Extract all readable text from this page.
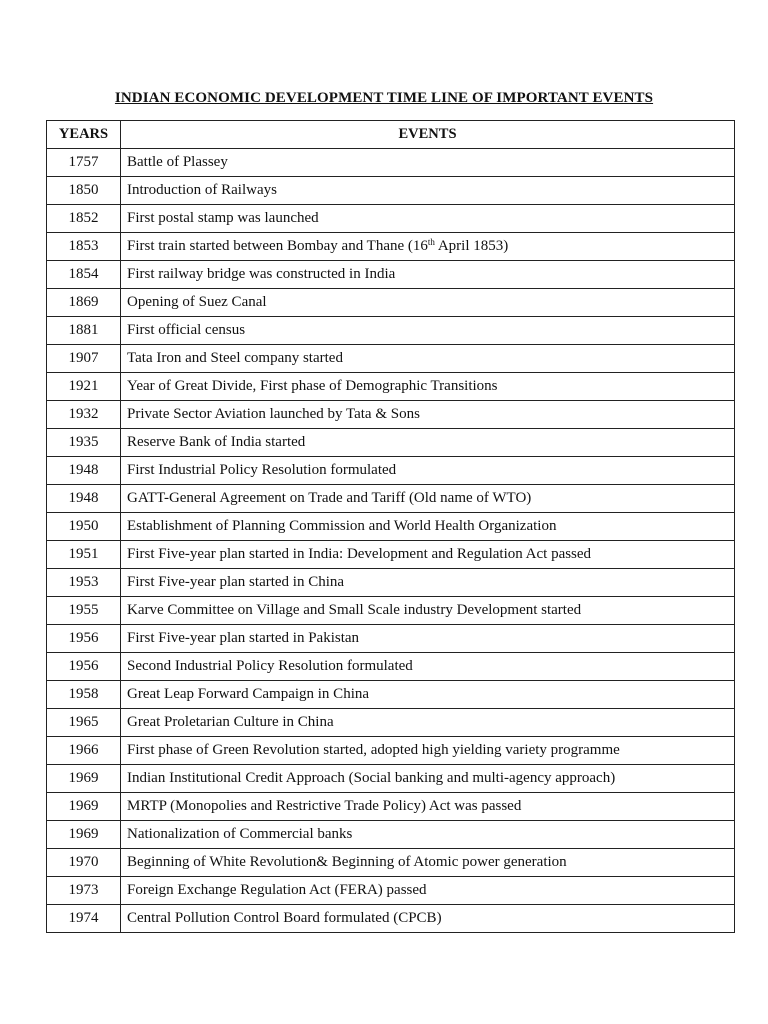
INDIAN ECONOMIC DEVELOPMENT TIME LINE OF IMPORTANT EVENTS
YEARS	EVENTS
1757	Battle of Plassey
1850	Introduction of Railways
1852	First postal stamp was launched
1853	First train started between Bombay and Thane (16th April 1853)
1854	First railway bridge was constructed in India
1869	Opening of Suez Canal
1881	First official census
1907	Tata Iron and Steel company started
1921	Year of Great Divide, First phase of Demographic Transitions
1932	Private Sector Aviation launched by Tata & Sons
1935	Reserve Bank of India started
1948	First Industrial Policy Resolution formulated
1948	GATT-General Agreement on Trade and Tariff (Old name of WTO)
1950	Establishment of Planning Commission and World Health Organization
1951	First Five-year plan started in India: Development and Regulation Act passed
1953	First Five-year plan started in China
1955	Karve Committee on Village and Small Scale industry Development started
1956	First Five-year plan started in Pakistan
1956	Second Industrial Policy Resolution formulated
1958	Great Leap Forward Campaign in China
1965	Great Proletarian Culture in China
1966	First phase of Green Revolution started, adopted high yielding variety programme
1969	Indian Institutional Credit Approach (Social banking and multi-agency approach)
1969	MRTP (Monopolies and Restrictive Trade Policy) Act was passed
1969	Nationalization of Commercial banks
1970	Beginning of White Revolution& Beginning of Atomic power generation
1973	Foreign Exchange Regulation Act (FERA) passed
1974	Central Pollution Control Board formulated (CPCB)
